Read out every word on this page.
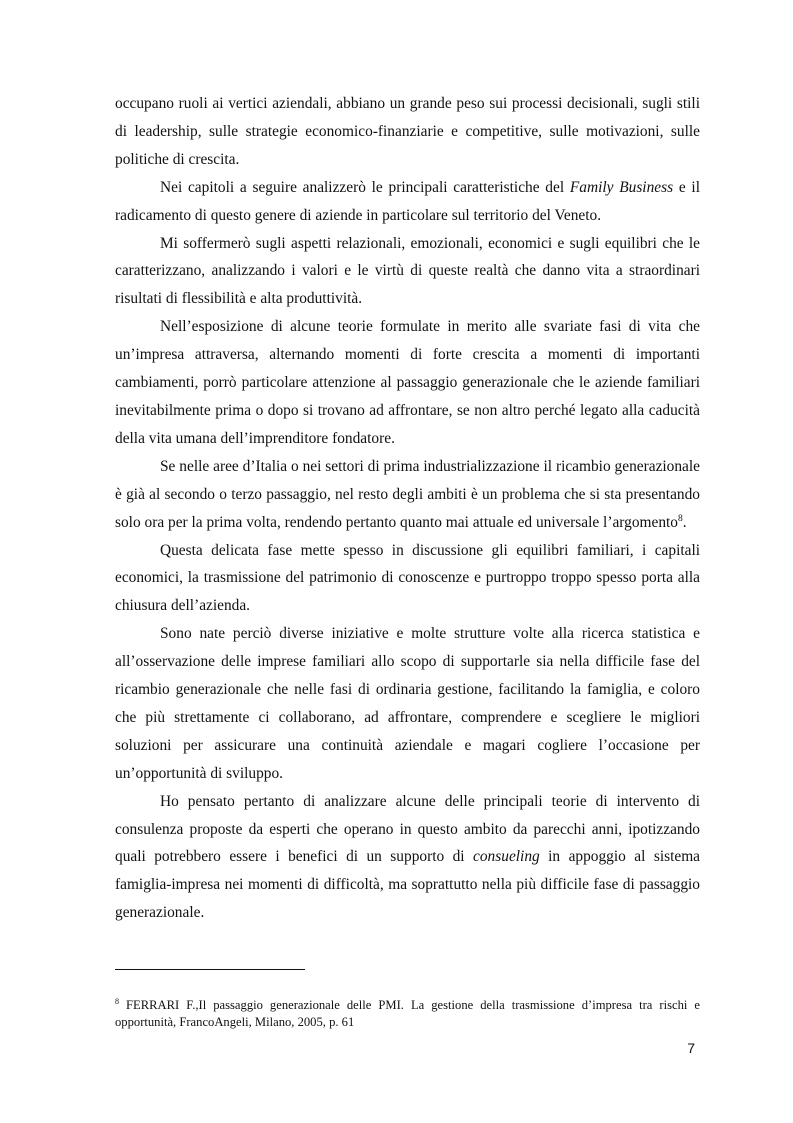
occupano ruoli ai vertici aziendali, abbiano un grande peso sui processi decisionali, sugli stili di leadership, sulle strategie economico-finanziarie e competitive, sulle motivazioni, sulle politiche di crescita.

Nei capitoli a seguire analizzerò le principali caratteristiche del Family Business e il radicamento di questo genere di aziende in particolare sul territorio del Veneto.

Mi soffermerò sugli aspetti relazionali, emozionali, economici e sugli equilibri che le caratterizzano, analizzando i valori e le virtù di queste realtà che danno vita a straordinari risultati di flessibilità e alta produttività.

Nell’esposizione di alcune teorie formulate in merito alle svariate fasi di vita che un’impresa attraversa, alternando momenti di forte crescita a momenti di importanti cambiamenti, porrò particolare attenzione al passaggio generazionale che le aziende familiari inevitabilmente prima o dopo si trovano ad affrontare, se non altro perché legato alla caducità della vita umana dell’imprenditore fondatore.

Se nelle aree d’Italia o nei settori di prima industrializzazione il ricambio generazionale è già al secondo o terzo passaggio, nel resto degli ambiti è un problema che si sta presentando solo ora per la prima volta, rendendo pertanto quanto mai attuale ed universale l’argomento$^8$.

Questa delicata fase mette spesso in discussione gli equilibri familiari, i capitali economici, la trasmissione del patrimonio di conoscenze e purtroppo troppo spesso porta alla chiusura dell’azienda.

Sono nate perciò diverse iniziative e molte strutture volte alla ricerca statistica e all’osservazione delle imprese familiari allo scopo di supportarle sia nella difficile fase del ricambio generazionale che nelle fasi di ordinaria gestione, facilitando la famiglia, e coloro che più strettamente ci collaborano, ad affrontare, comprendere e scegliere le migliori soluzioni per assicurare una continuità aziendale e magari cogliere l’occasione per un’opportunità di sviluppo.

Ho pensato pertanto di analizzare alcune delle principali teorie di intervento di consulenza proposte da esperti che operano in questo ambito da parecchi anni, ipotizzando quali potrebbero essere i benefici di un supporto di consueling in appoggio al sistema famiglia-impresa nei momenti di difficoltà, ma soprattutto nella più difficile fase di passaggio generazionale.

$^8$ FERRARI F.,Il passaggio generazionale delle PMI. La gestione della trasmissione d’impresa tra rischi e opportunità, FrancoAngeli, Milano, 2005, p. 61
7
